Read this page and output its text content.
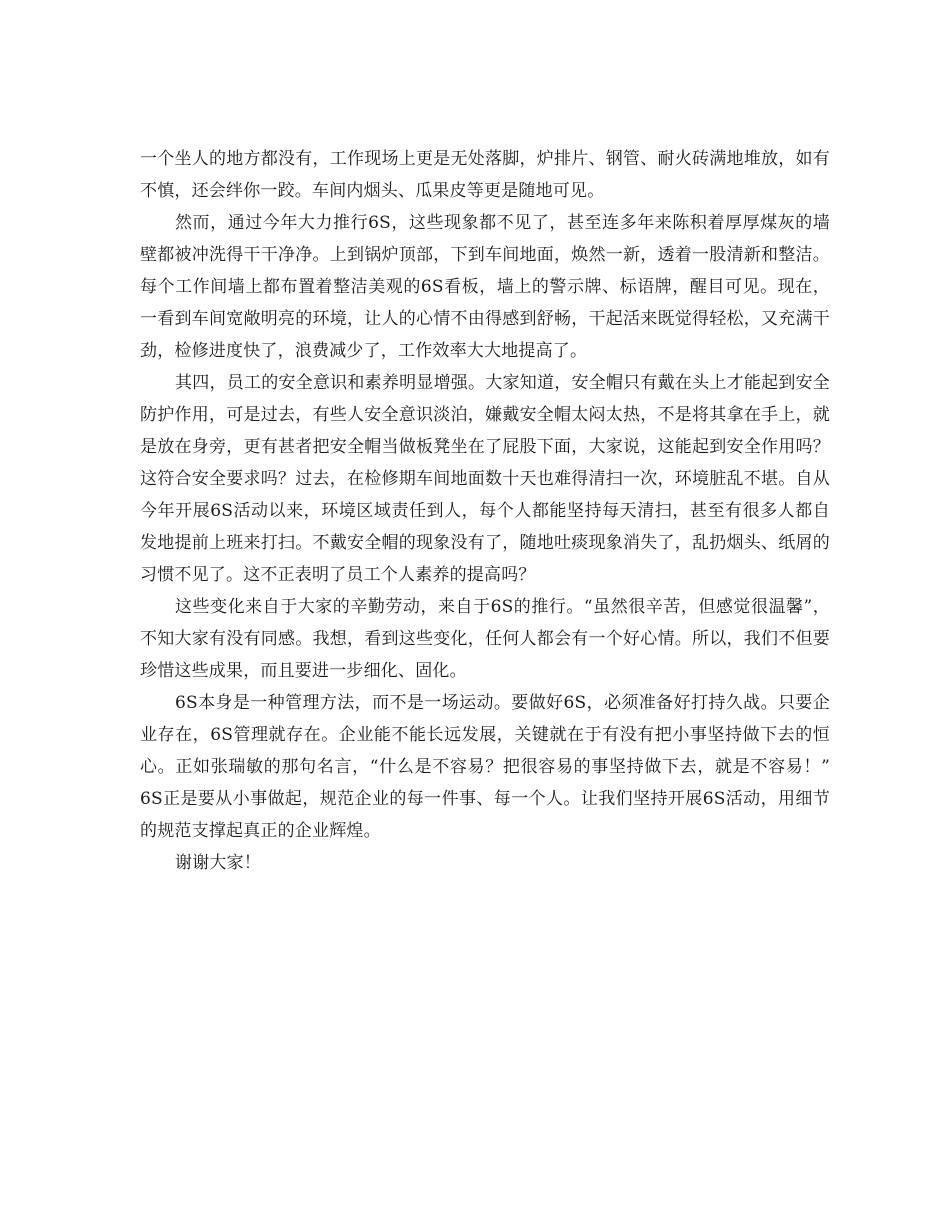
一个坐人的地方都没有，工作现场上更是无处落脚，炉排片、钢管、耐火砖满地堆放，如有不慎，还会绊你一跤。车间内烟头、瓜果皮等更是随地可见。

然而，通过今年大力推行6S，这些现象都不见了，甚至连多年来陈积着厚厚煤灰的墙壁都被冲洗得干干净净。上到锅炉顶部，下到车间地面，焕然一新，透着一股清新和整洁。每个工作间墙上都布置着整洁美观的6S看板，墙上的警示牌、标语牌，醒目可见。现在，一看到车间宽敞明亮的环境，让人的心情不由得感到舒畅，干起活来既觉得轻松，又充满干劲，检修进度快了，浪费减少了，工作效率大大地提高了。

其四，员工的安全意识和素养明显增强。大家知道，安全帽只有戴在头上才能起到安全防护作用，可是过去，有些人安全意识淡泊，嫌戴安全帽太闷太热，不是将其拿在手上，就是放在身旁，更有甚者把安全帽当做板凳坐在了屁股下面，大家说，这能起到安全作用吗？这符合安全要求吗？过去，在检修期车间地面数十天也难得清扫一次，环境脏乱不堪。自从今年开展6S活动以来，环境区域责任到人，每个人都能坚持每天清扫，甚至有很多人都自发地提前上班来打扫。不戴安全帽的现象没有了，随地吐痰现象消失了，乱扔烟头、纸屑的习惯不见了。这不正表明了员工个人素养的提高吗？

这些变化来自于大家的辛勤劳动，来自于6S的推行。“虽然很辛苦，但感觉很温馨”，不知大家有没有同感。我想，看到这些变化，任何人都会有一个好心情。所以，我们不但要珍惜这些成果，而且要进一步细化、固化。

6S本身是一种管理方法，而不是一场运动。要做好6S，必须准备好打持久战。只要企业存在，6S管理就存在。企业能不能长远发展，关键就在于有没有把小事坚持做下去的恒心。正如张瑞敏的那句名言，“什么是不容易？把很容易的事坚持做下去，就是不容易！” 6S正是要从小事做起，规范企业的每一件事、每一个人。让我们坚持开展6S活动，用细节的规范支撑起真正的企业辉煌。

谢谢大家！
